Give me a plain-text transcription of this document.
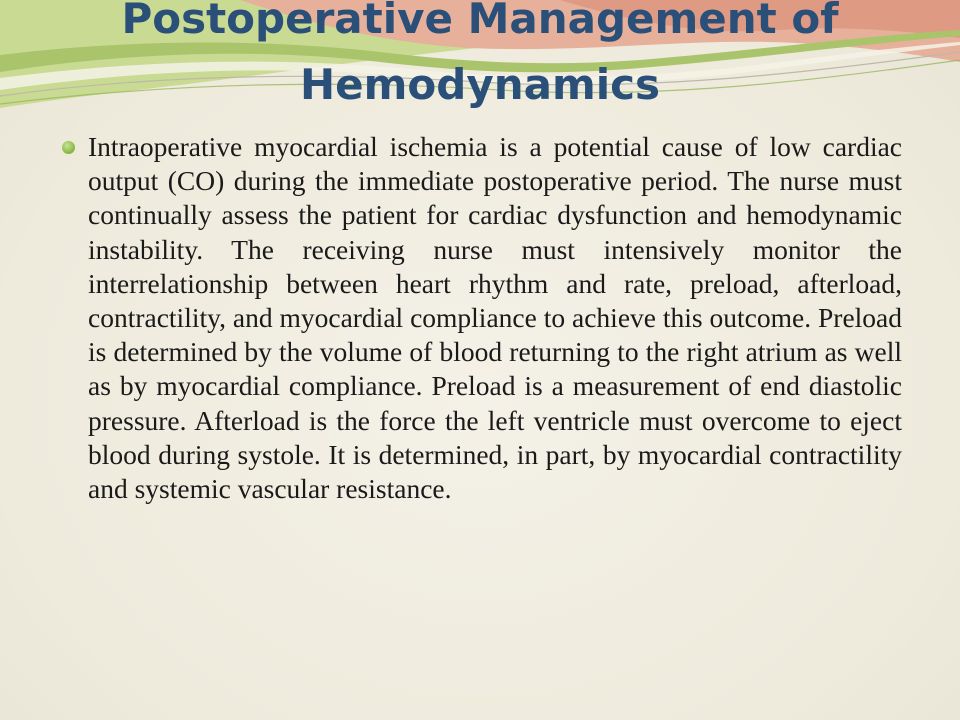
Postoperative Management of
Hemodynamics
Intraoperative myocardial ischemia is a potential cause of low cardiac output (CO) during the immediate postoperative period. The nurse must continually assess the patient for cardiac dysfunction and hemodynamic instability. The receiving nurse must intensively monitor the interrelationship between heart rhythm and rate, preload, afterload, contractility, and myocardial compliance to achieve this outcome. Preload is determined by the volume of blood returning to the right atrium as well as by myocardial compliance. Preload is a measurement of end diastolic pressure. Afterload is the force the left ventricle must overcome to eject blood during systole. It is determined, in part, by myocardial contractility and systemic vascular resistance.
